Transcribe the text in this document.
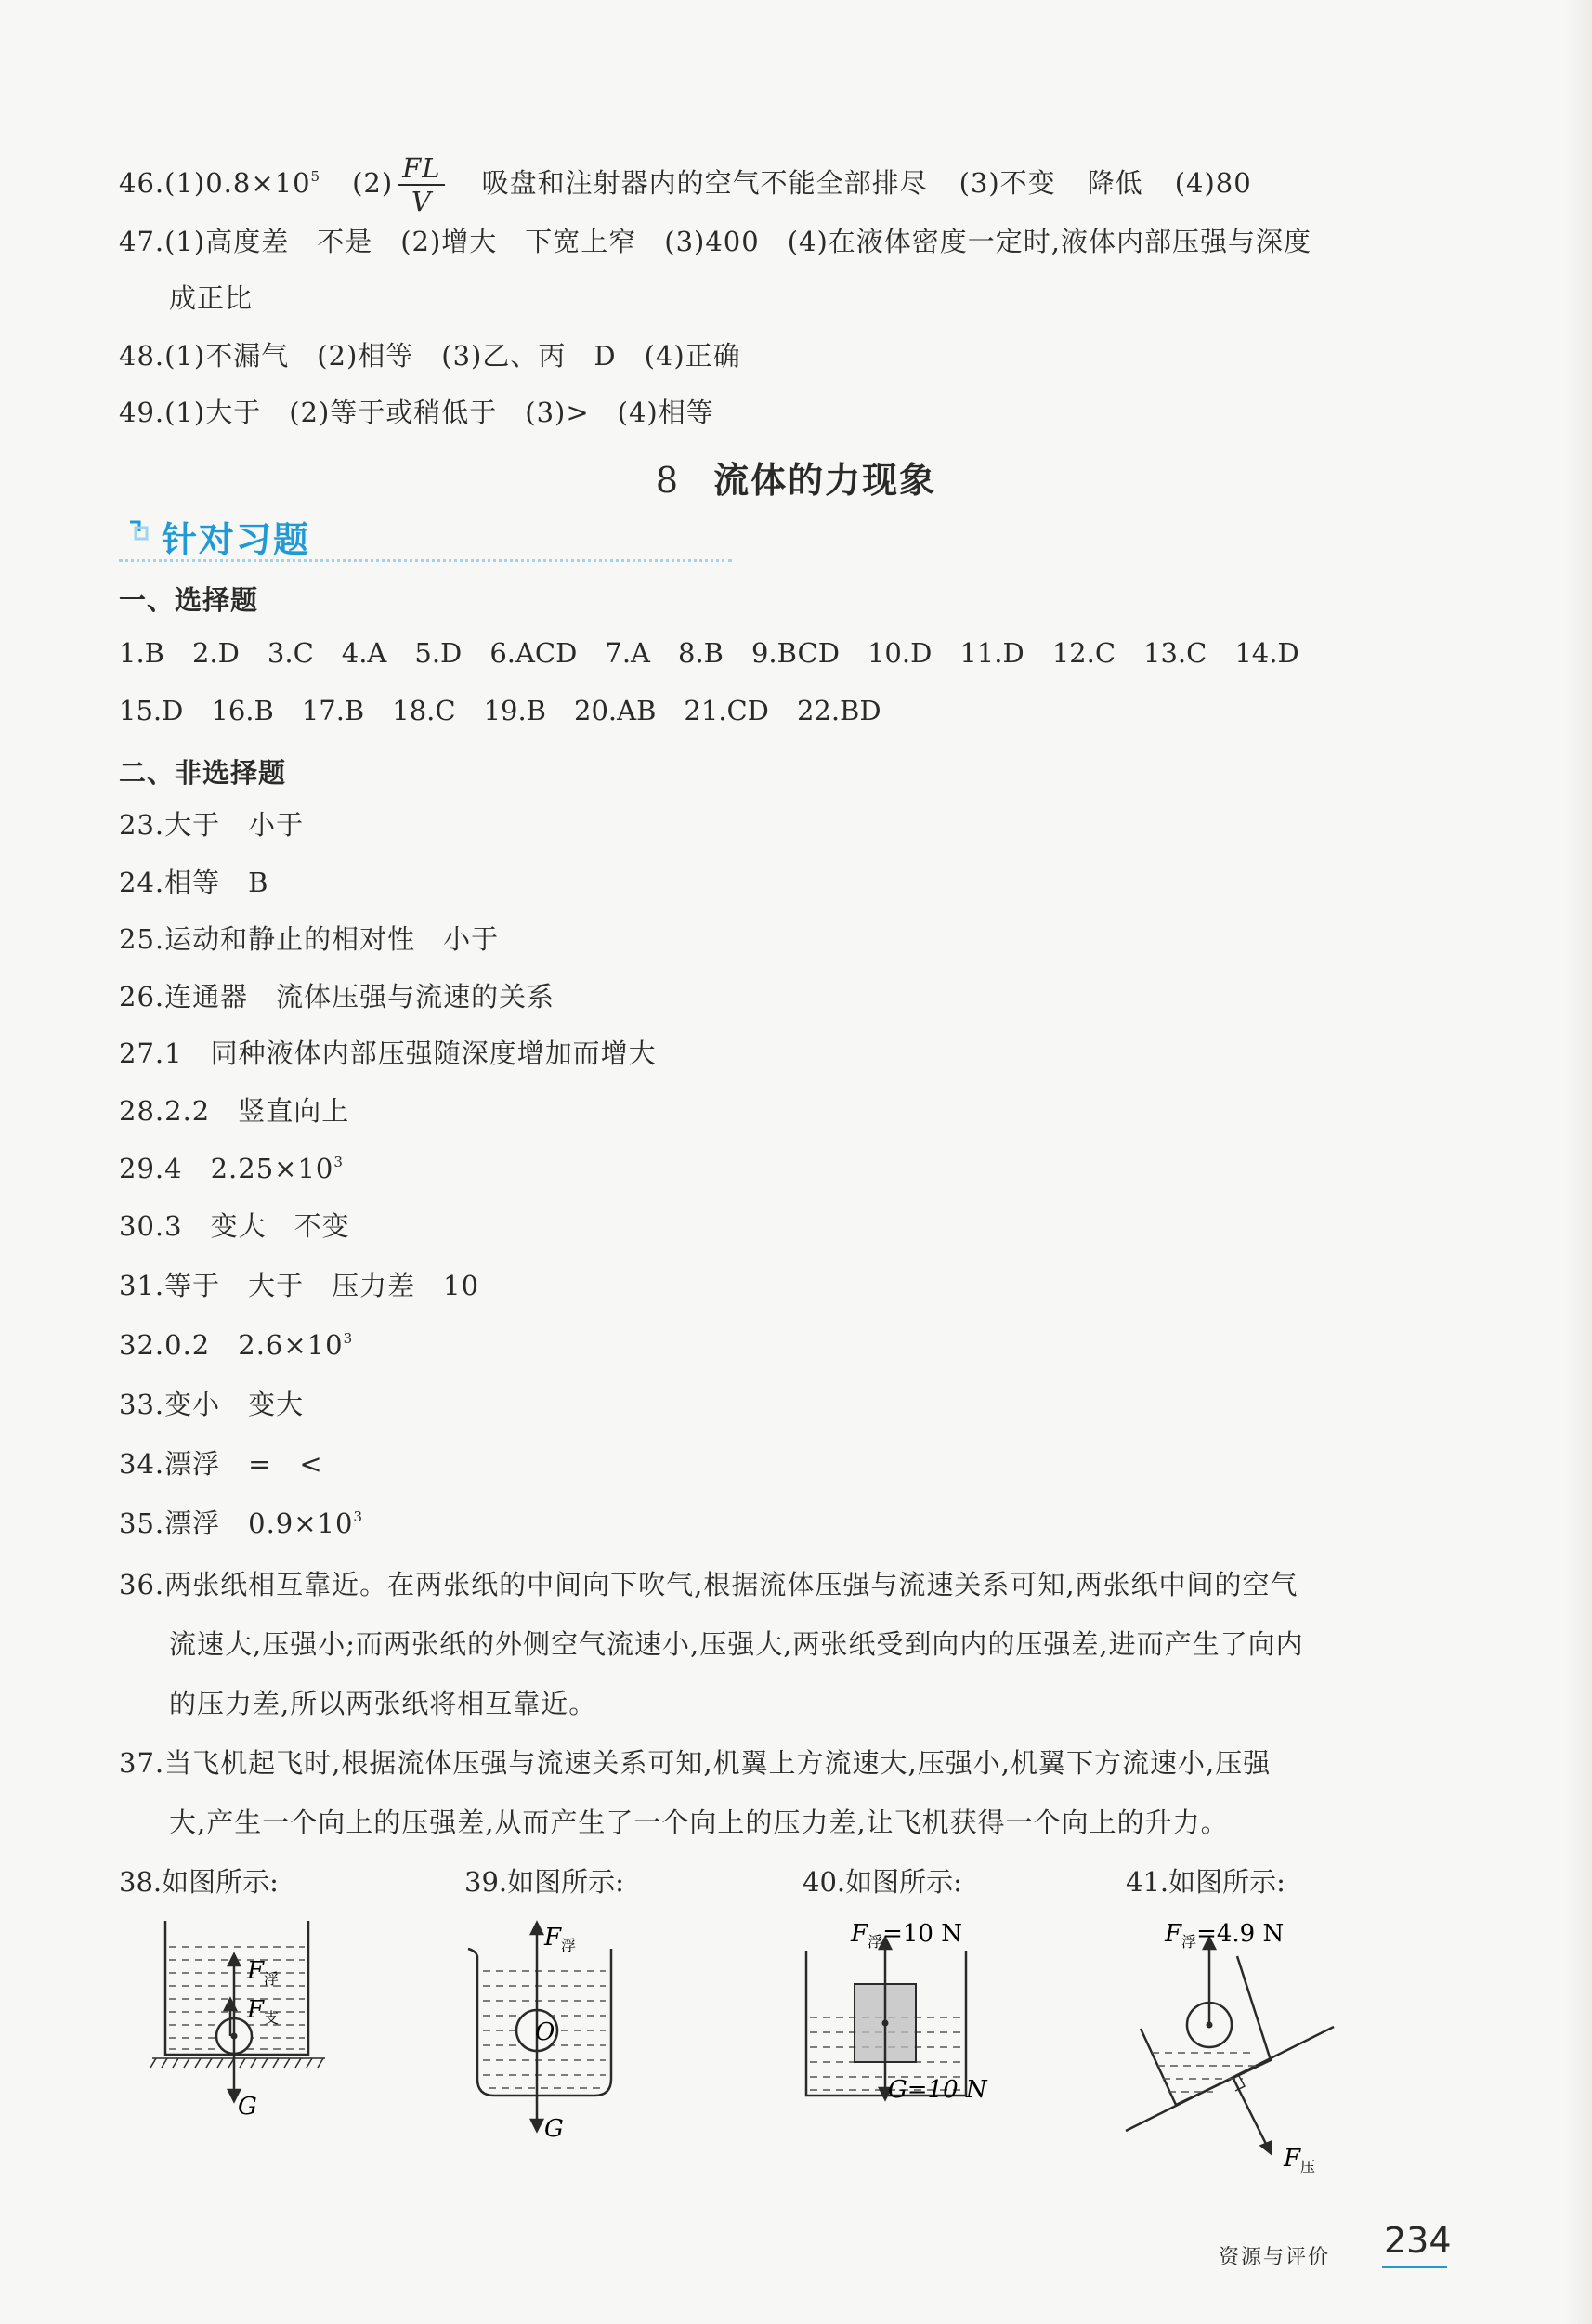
$46.(1)0.8\times 10^5$ $(2) \frac{FL}{V}$ 吸盘和注射器内的空气不能全部排尽 (3)不变 降低 (4)80
47.(1)高度差　不是　(2)增大　下宽上窄　(3)400　(4)在液体密度一定时,液体内部压强与深度
成正比
48.(1)不漏气　(2)相等　(3)乙、丙　D　(4)正确
49.(1)大于　(2)等于或稍低于　(3)>　(4)相等
8 流体的力现象
针对习题
一、选择题
1.B 2.D 3.C 4.A 5.D 6.ACD 7.A 8.B 9.BCD 10.D 11.D 12.C 13.C 14.D
15.D 16.B 17.B 18.C 19.B 20.AB 21.CD 22.BD
二、非选择题
23.大于　小于
24.相等　B
25.运动和静止的相对性　小于
26.连通器　流体压强与流速的关系
27.1　同种液体内部压强随深度增加而增大
28.2.2　竖直向上
29.4　$2.25\times 10^3$
30.3　变大　不变
31.等于　大于　压力差　10
32.0.2　$2.6\times 10^3$
33.变小　变大
34.漂浮　=　<
35.漂浮　$0.9\times 10^3$
36.两张纸相互靠近。在两张纸的中间向下吹气,根据流体压强与流速关系可知,两张纸中间的空气
流速大,压强小;而两张纸的外侧空气流速小,压强大,两张纸受到向内的压强差,进而产生了向内
的压力差,所以两张纸将相互靠近。
37.当飞机起飞时,根据流体压强与流速关系可知,机翼上方流速大,压强小,机翼下方流速小,压强
大,产生一个向上的压强差,从而产生了一个向上的压力差,让飞机获得一个向上的升力。
38.如图所示:	39.如图所示:	40.如图所示:	41.如图所示:
$F_浮$
$F_支$
G
$F_浮$
O
G
$F_浮=10$ N
G=10 N
$F_浮=4.9$ N
$F_压$
资源与评价 234
